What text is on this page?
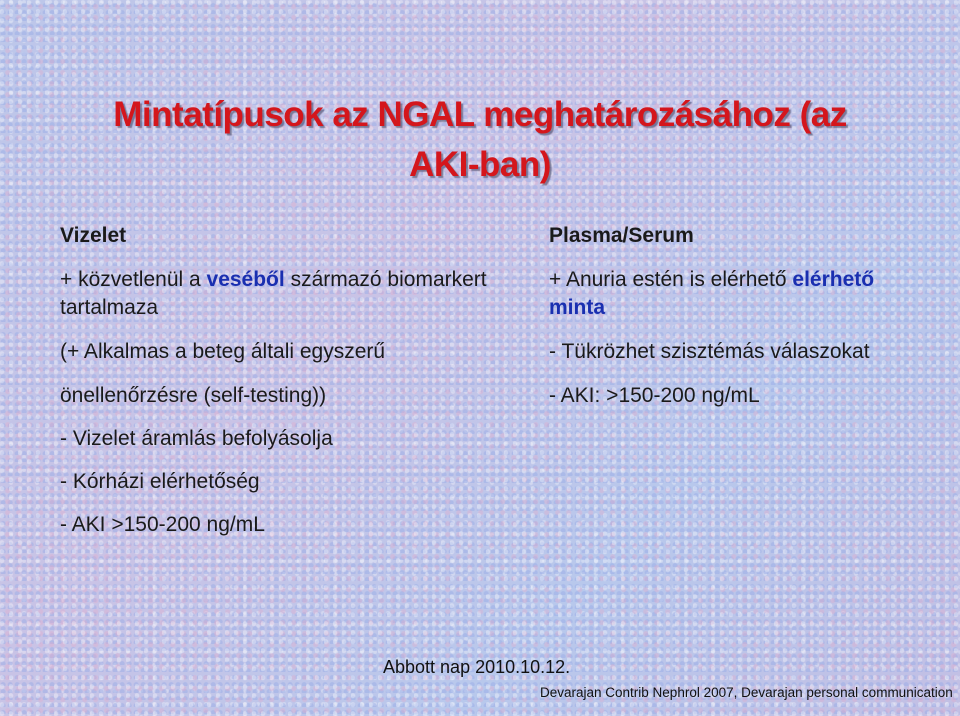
Mintatípusok az NGAL meghatározásához (az
AKI-ban)
Vizelet
+ közvetlenül a veséből származó biomarkert
tartalmaza
(+ Alkalmas a beteg általi egyszerű
önellenőrzésre (self-testing))
- Vizelet áramlás befolyásolja
- Kórházi elérhetőség
- AKI >150-200 ng/mL
Plasma/Serum
+ Anuria estén is elérhető elérhető
minta
- Tükrözhet szisztémás válaszokat
- AKI: >150-200 ng/mL
Abbott nap 2010.10.12.
Devarajan Contrib Nephrol 2007, Devarajan personal communication
